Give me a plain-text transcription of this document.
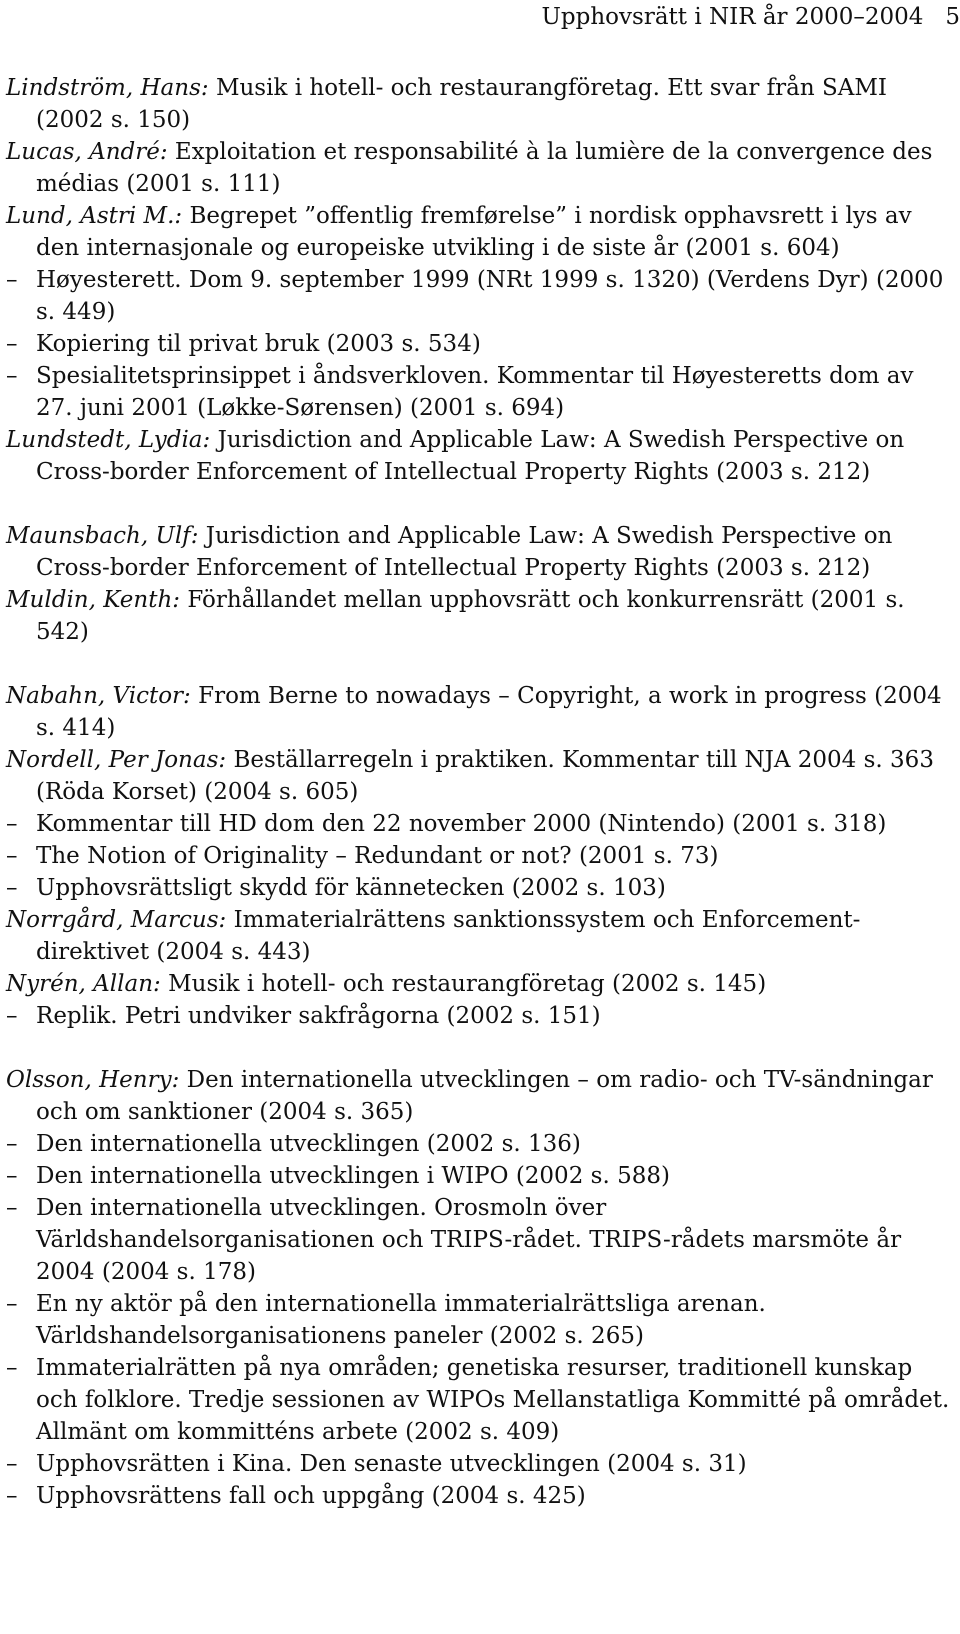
Upphovsrätt i NIR år 2000–2004 5
Lindström, Hans: Musik i hotell- och restaurangföretag. Ett svar från SAMI (2002 s. 150)
Lucas, André: Exploitation et responsabilité à la lumière de la convergence des médias (2001 s. 111)
Lund, Astri M.: Begrepet ”offentlig fremførelse” i nordisk opphavsrett i lys av den internasjonale og europeiske utvikling i de siste år (2001 s. 604)
– Høyesterett. Dom 9. september 1999 (NRt 1999 s. 1320) (Verdens Dyr) (2000 s. 449)
– Kopiering til privat bruk (2003 s. 534)
– Spesialitetsprinsippet i åndsverkloven. Kommentar til Høyesteretts dom av 27. juni 2001 (Løkke-Sørensen) (2001 s. 694)
Lundstedt, Lydia: Jurisdiction and Applicable Law: A Swedish Perspective on Cross-border Enforcement of Intellectual Property Rights (2003 s. 212)
Maunsbach, Ulf: Jurisdiction and Applicable Law: A Swedish Perspective on Cross-border Enforcement of Intellectual Property Rights (2003 s. 212)
Muldin, Kenth: Förhållandet mellan upphovsrätt och konkurrensrätt (2001 s. 542)
Nabahn, Victor: From Berne to nowadays – Copyright, a work in progress (2004 s. 414)
Nordell, Per Jonas: Beställarregeln i praktiken. Kommentar till NJA 2004 s. 363 (Röda Korset) (2004 s. 605)
– Kommentar till HD dom den 22 november 2000 (Nintendo) (2001 s. 318)
– The Notion of Originality – Redundant or not? (2001 s. 73)
– Upphovsrättsligt skydd för kännetecken (2002 s. 103)
Norrgård, Marcus: Immaterialrättens sanktionssystem och Enforcement-direktivet (2004 s. 443)
Nyrén, Allan: Musik i hotell- och restaurangföretag (2002 s. 145)
– Replik. Petri undviker sakfrågorna (2002 s. 151)
Olsson, Henry: Den internationella utvecklingen – om radio- och TV-sändningar och om sanktioner (2004 s. 365)
– Den internationella utvecklingen (2002 s. 136)
– Den internationella utvecklingen i WIPO (2002 s. 588)
– Den internationella utvecklingen. Orosmoln över Världshandelsorganisationen och TRIPS-rådet. TRIPS-rådets marsmöte år 2004 (2004 s. 178)
– En ny aktör på den internationella immaterialrättsliga arenan. Världshandelsorganisationens paneler (2002 s. 265)
– Immaterialrätten på nya områden; genetiska resurser, traditionell kunskap och folklore. Tredje sessionen av WIPOs Mellanstatliga Kommitté på området. Allmänt om kommitténs arbete (2002 s. 409)
– Upphovsrätten i Kina. Den senaste utvecklingen (2004 s. 31)
– Upphovsrättens fall och uppgång (2004 s. 425)
